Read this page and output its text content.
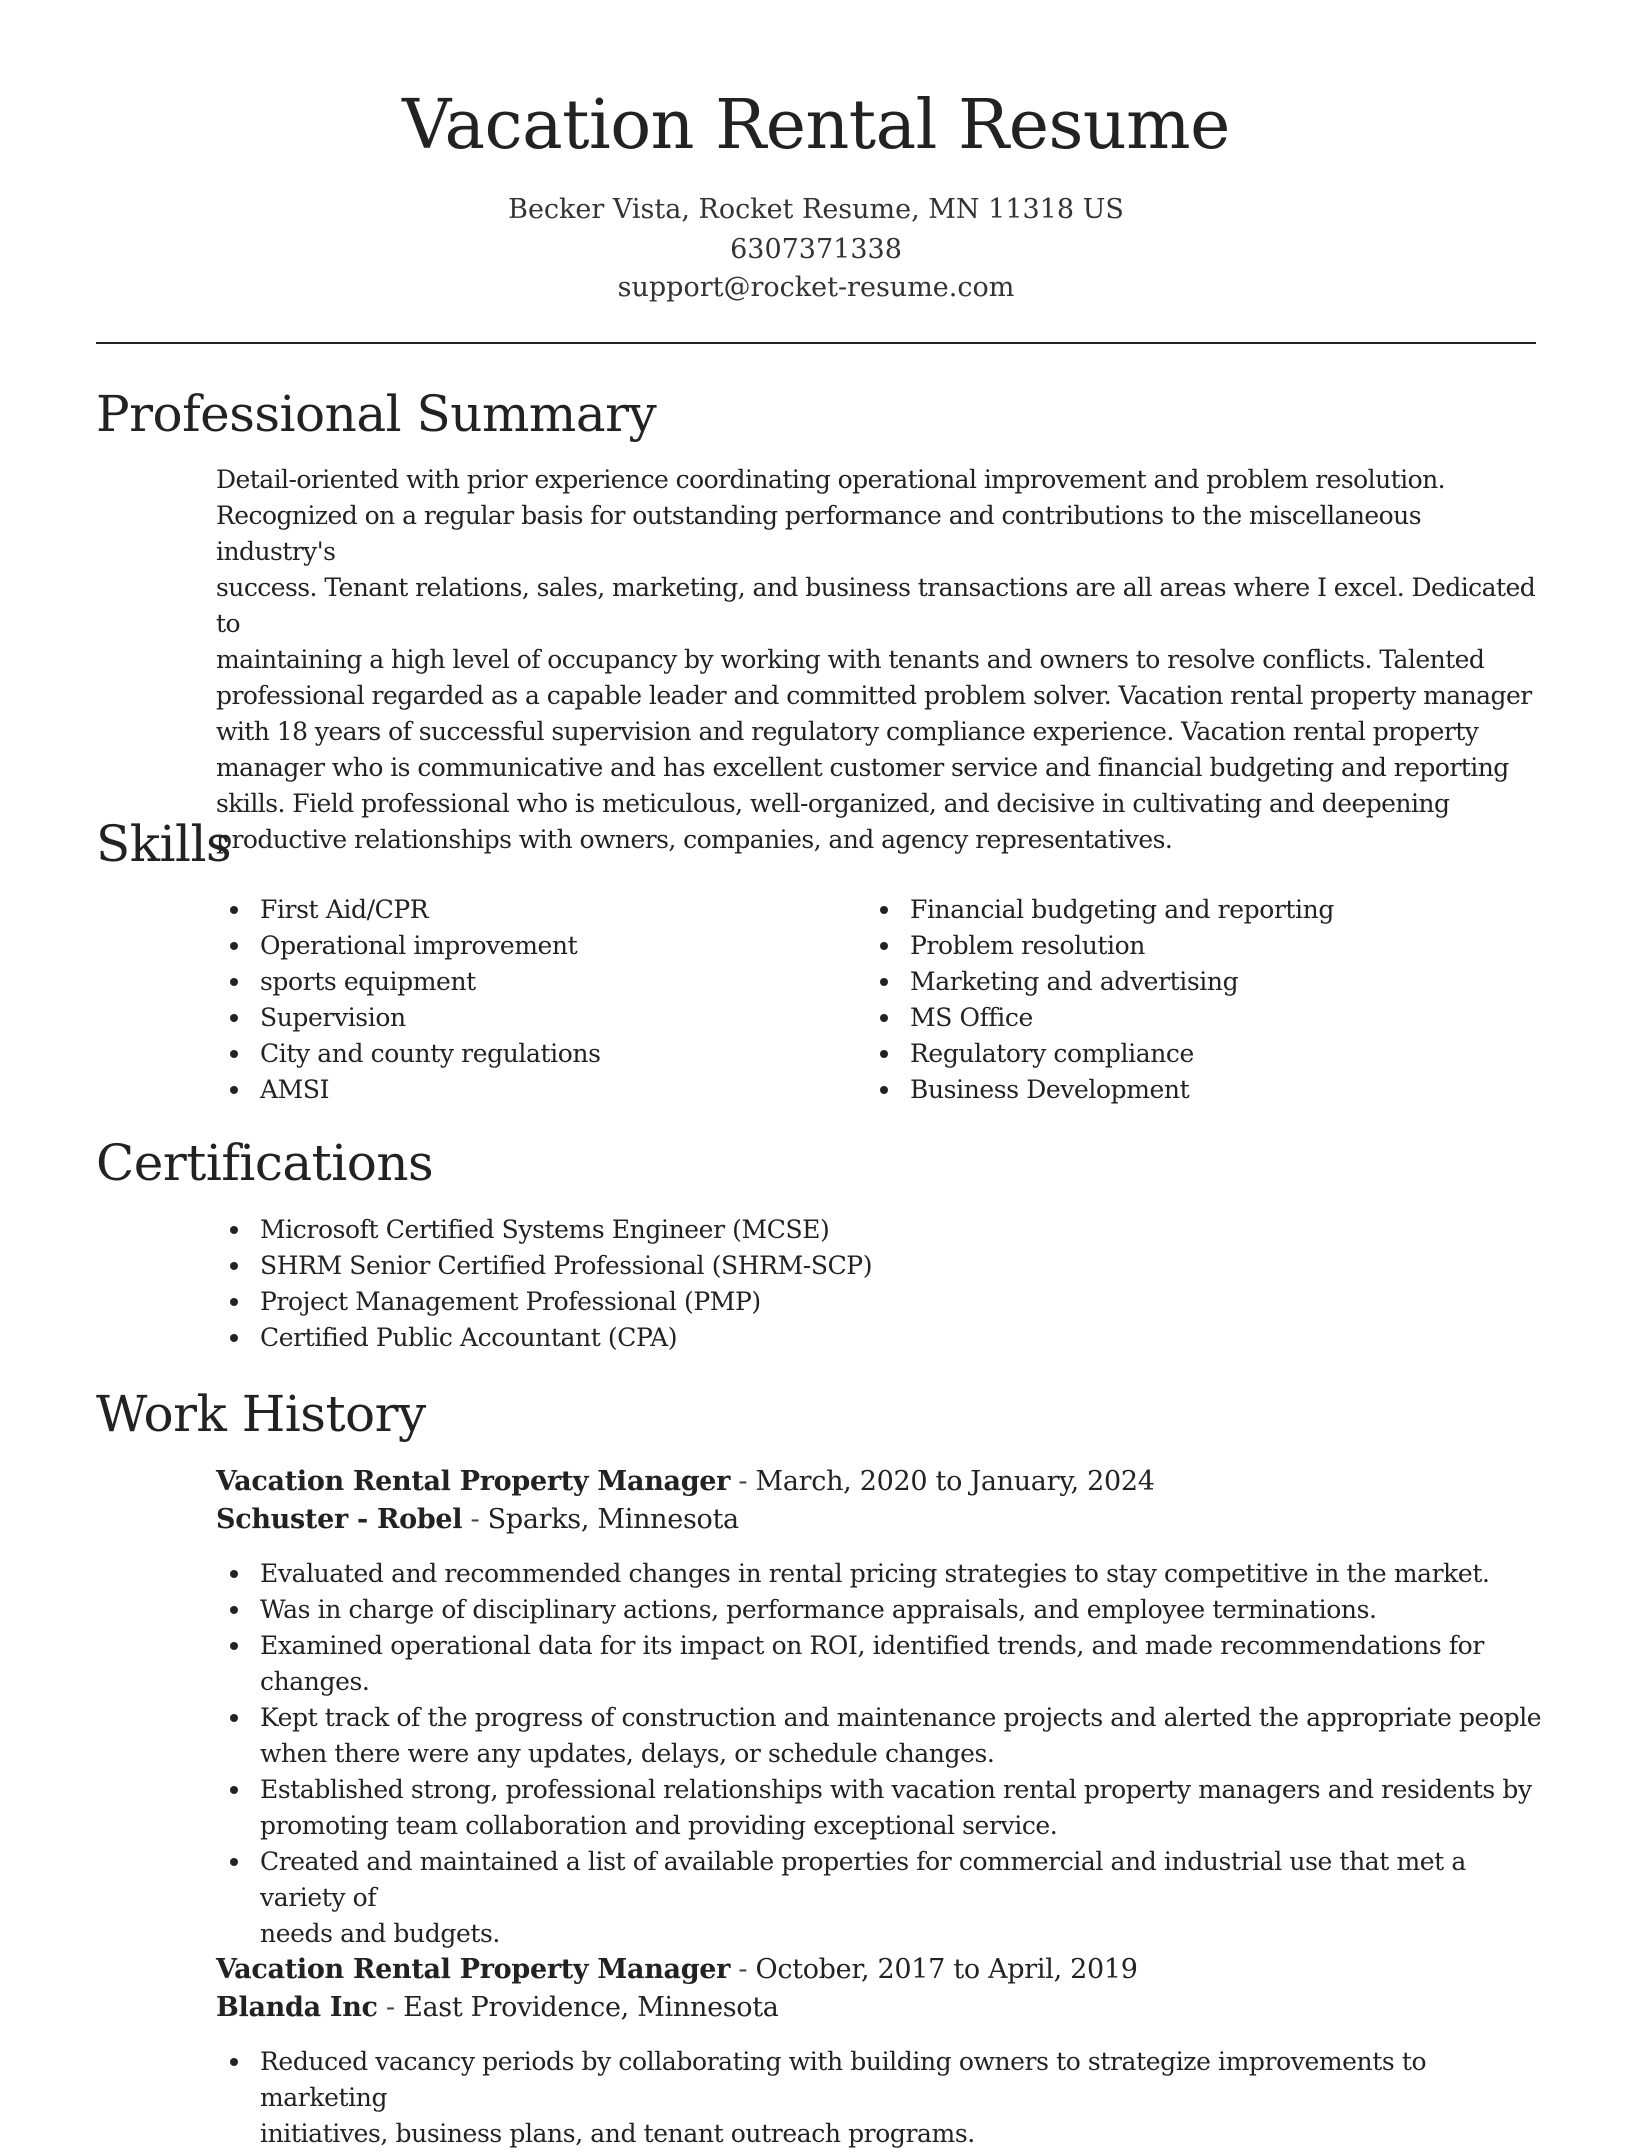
Vacation Rental Resume
Becker Vista, Rocket Resume, MN 11318 US
6307371338
support@rocket-resume.com
Professional Summary
Detail-oriented with prior experience coordinating operational improvement and problem resolution.
Recognized on a regular basis for outstanding performance and contributions to the miscellaneous industry's
success. Tenant relations, sales, marketing, and business transactions are all areas where I excel. Dedicated to
maintaining a high level of occupancy by working with tenants and owners to resolve conflicts. Talented
professional regarded as a capable leader and committed problem solver. Vacation rental property manager
with 18 years of successful supervision and regulatory compliance experience. Vacation rental property
manager who is communicative and has excellent customer service and financial budgeting and reporting
skills. Field professional who is meticulous, well-organized, and decisive in cultivating and deepening
productive relationships with owners, companies, and agency representatives.
Skills
First Aid/CPR
Operational improvement
sports equipment
Supervision
City and county regulations
AMSI
Financial budgeting and reporting
Problem resolution
Marketing and advertising
MS Office
Regulatory compliance
Business Development
Certifications
Microsoft Certified Systems Engineer (MCSE)
SHRM Senior Certified Professional (SHRM-SCP)
Project Management Professional (PMP)
Certified Public Accountant (CPA)
Work History
Vacation Rental Property Manager - March, 2020 to January, 2024
Schuster - Robel - Sparks, Minnesota
Evaluated and recommended changes in rental pricing strategies to stay competitive in the market.
Was in charge of disciplinary actions, performance appraisals, and employee terminations.
Examined operational data for its impact on ROI, identified trends, and made recommendations for
changes.
Kept track of the progress of construction and maintenance projects and alerted the appropriate people
when there were any updates, delays, or schedule changes.
Established strong, professional relationships with vacation rental property managers and residents by
promoting team collaboration and providing exceptional service.
Created and maintained a list of available properties for commercial and industrial use that met a variety of
needs and budgets.
Vacation Rental Property Manager - October, 2017 to April, 2019
Blanda Inc - East Providence, Minnesota
Reduced vacancy periods by collaborating with building owners to strategize improvements to marketing
initiatives, business plans, and tenant outreach programs.
